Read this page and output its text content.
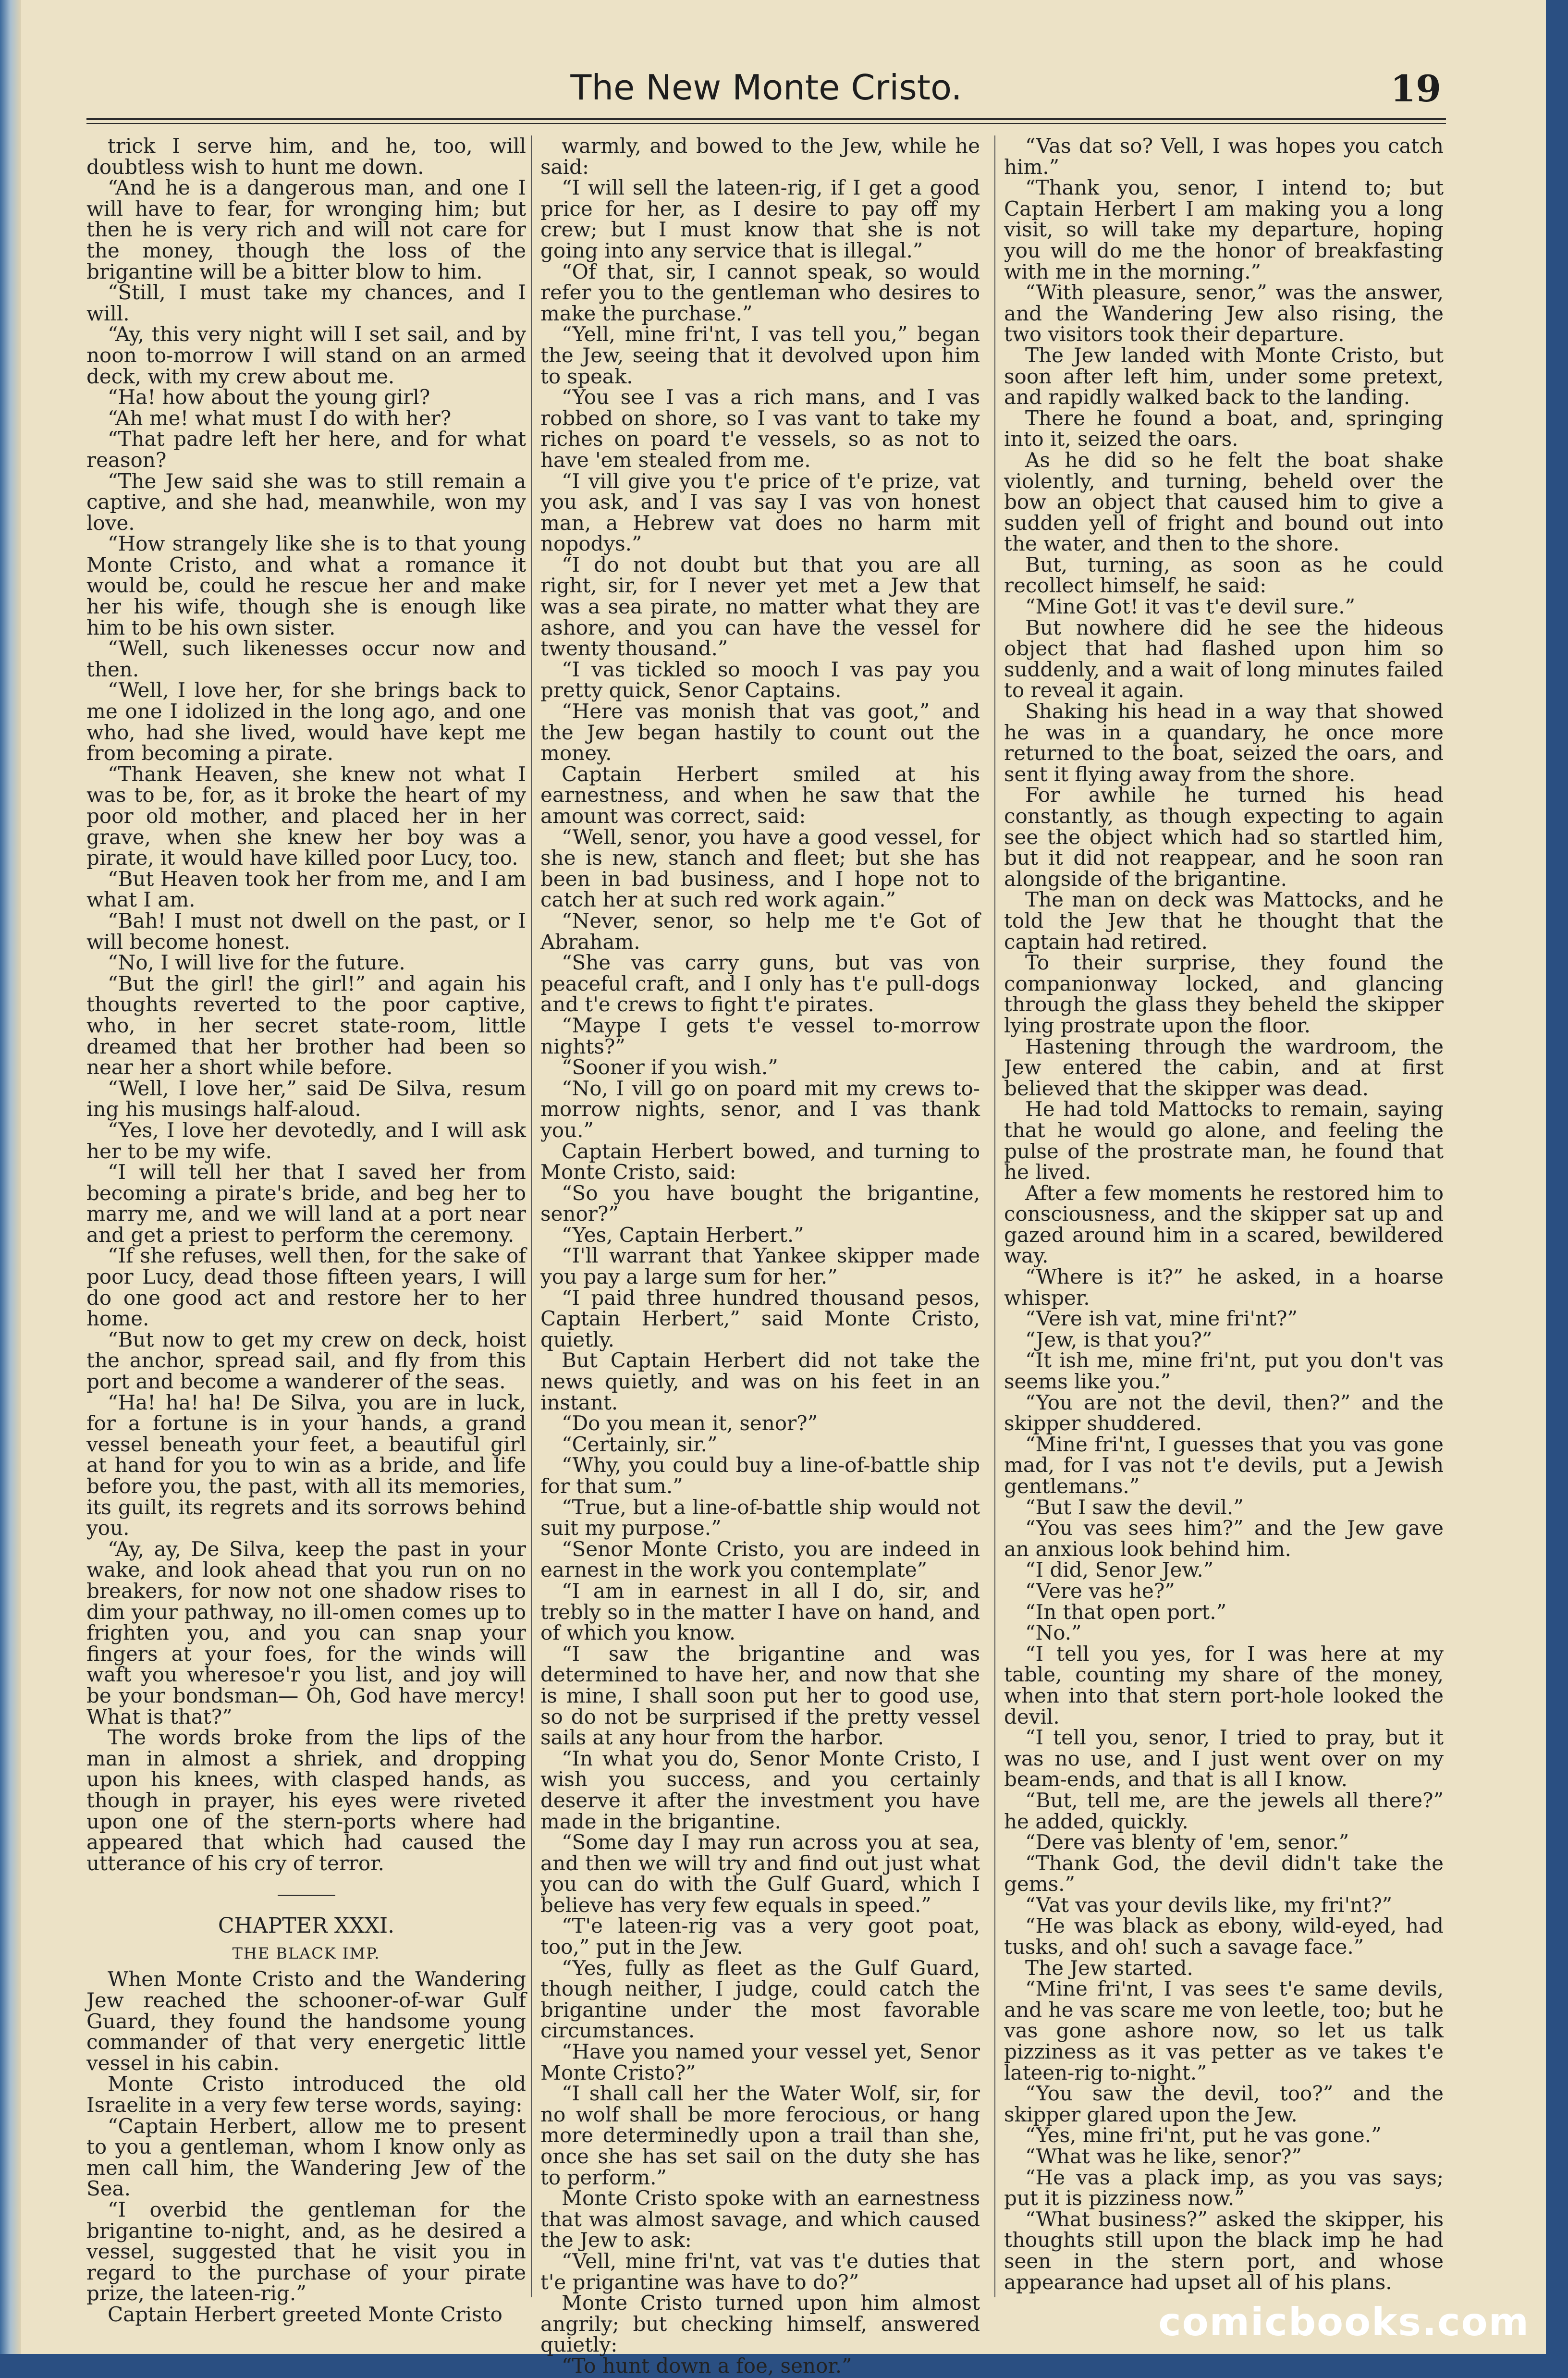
The New Monte Cristo.	19

trick I serve him, and he, too, will doubtless wish to hunt me down.

“And he is a dangerous man, and one I will have to fear, for wronging him; but then he is very rich and will not care for the money, though the loss of the brigantine will be a bitter blow to him.

“Still, I must take my chances, and I will.

“Ay, this very night will I set sail, and by noon to-morrow I will stand on an armed deck, with my crew about me.

“Ha! how about the young girl?

“Ah me! what must I do with her?

“That padre left her here, and for what reason?

“The Jew said she was to still remain a captive, and she had, meanwhile, won my love.

“How strangely like she is to that young Monte Cristo, and what a romance it would be, could he rescue her and make her his wife, though she is enough like him to be his own sister.

“Well, such likenesses occur now and then.

“Well, I love her, for she brings back to me one I idolized in the long ago, and one who, had she lived, would have kept me from becoming a pirate.

“Thank Heaven, she knew not what I was to be, for, as it broke the heart of my poor old mother, and placed her in her grave, when she knew her boy was a pirate, it would have killed poor Lucy, too.

“But Heaven took her from me, and I am what I am.

“Bah! I must not dwell on the past, or I will become honest.

“No, I will live for the future.

“But the girl! the girl!” and again his thoughts reverted to the poor captive, who, in her secret state-room, little dreamed that her brother had been so near her a short while before.

“Well, I love her,” said De Silva, resum ing his musings half-aloud.

“Yes, I love her devotedly, and I will ask her to be my wife.

“I will tell her that I saved her from becoming a pirate's bride, and beg her to marry me, and we will land at a port near and get a priest to perform the ceremony.

“If she refuses, well then, for the sake of poor Lucy, dead those fifteen years, I will do one good act and restore her to her home.

“But now to get my crew on deck, hoist the anchor, spread sail, and fly from this port and become a wanderer of the seas.

“Ha! ha! ha! De Silva, you are in luck, for a fortune is in your hands, a grand vessel beneath your feet, a beautiful girl at hand for you to win as a bride, and life before you, the past, with all its memories, its guilt, its regrets and its sorrows behind you.

“Ay, ay, De Silva, keep the past in your wake, and look ahead that you run on no breakers, for now not one shadow rises to dim your pathway, no ill-omen comes up to frighten you, and you can snap your fingers at your foes, for the winds will waft you wheresoe'r you list, and joy will be your bondsman— Oh, God have mercy! What is that?”

The words broke from the lips of the man in almost a shriek, and dropping upon his knees, with clasped hands, as though in prayer, his eyes were riveted upon one of the stern-ports where had appeared that which had caused the utterance of his cry of terror.

CHAPTER XXXI.

THE BLACK IMP.

When Monte Cristo and the Wandering Jew reached the schooner-of-war Gulf Guard, they found the handsome young commander of that very energetic little vessel in his cabin.

Monte Cristo introduced the old Israelite in a very few terse words, saying:

“Captain Herbert, allow me to present to you a gentleman, whom I know only as men call him, the Wandering Jew of the Sea.

“I overbid the gentleman for the brigantine to-night, and, as he desired a vessel, suggested that he visit you in regard to the purchase of your pirate prize, the lateen-rig.”

Captain Herbert greeted Monte Cristo

warmly, and bowed to the Jew, while he said:

“I will sell the lateen-rig, if I get a good price for her, as I desire to pay off my crew; but I must know that she is not going into any service that is illegal.”

“Of that, sir, I cannot speak, so would refer you to the gentleman who desires to make the purchase.”

“Yell, mine fri'nt, I vas tell you,” began the Jew, seeing that it devolved upon him to speak.

“You see I vas a rich mans, and I vas robbed on shore, so I vas vant to take my riches on poard t'e vessels, so as not to have 'em stealed from me.

“I vill give you t'e price of t'e prize, vat you ask, and I vas say I vas von honest man, a Hebrew vat does no harm mit nopodys.”

“I do not doubt but that you are all right, sir, for I never yet met a Jew that was a sea pirate, no matter what they are ashore, and you can have the vessel for twenty thousand.”

“I vas tickled so mooch I vas pay you pretty quick, Senor Captains.

“Here vas monish that vas goot,” and the Jew began hastily to count out the money.

Captain Herbert smiled at his earnestness, and when he saw that the amount was correct, said:

“Well, senor, you have a good vessel, for she is new, stanch and fleet; but she has been in bad business, and I hope not to catch her at such red work again.”

“Never, senor, so help me t'e Got of Abraham.

“She vas carry guns, but vas von peaceful craft, and I only has t'e pull-dogs and t'e crews to fight t'e pirates.

“Maype I gets t'e vessel to-morrow nights?”

“Sooner if you wish.”

“No, I vill go on poard mit my crews to-morrow nights, senor, and I vas thank you.”

Captain Herbert bowed, and turning to Monte Cristo, said:

“So you have bought the brigantine, senor?”

“Yes, Captain Herbert.”

“I'll warrant that Yankee skipper made you pay a large sum for her.”

“I paid three hundred thousand pesos, Captain Herbert,” said Monte Cristo, quietly.

But Captain Herbert did not take the news quietly, and was on his feet in an instant.

“Do you mean it, senor?”

“Certainly, sir.”

“Why, you could buy a line-of-battle ship for that sum.”

“True, but a line-of-battle ship would not suit my purpose.”

“Senor Monte Cristo, you are indeed in earnest in the work you contemplate”

“I am in earnest in all I do, sir, and trebly so in the matter I have on hand, and of which you know.

“I saw the brigantine and was determined to have her, and now that she is mine, I shall soon put her to good use, so do not be surprised if the pretty vessel sails at any hour from the harbor.

“In what you do, Senor Monte Cristo, I wish you success, and you certainly deserve it after the investment you have made in the brigantine.

“Some day I may run across you at sea, and then we will try and find out just what you can do with the Gulf Guard, which I believe has very few equals in speed.”

“T'e lateen-rig vas a very goot poat, too,” put in the Jew.

“Yes, fully as fleet as the Gulf Guard, though neither, I judge, could catch the brigantine under the most favorable circumstances.

“Have you named your vessel yet, Senor Monte Cristo?”

“I shall call her the Water Wolf, sir, for no wolf shall be more ferocious, or hang more determinedly upon a trail than she, once she has set sail on the duty she has to perform.”

Monte Cristo spoke with an earnestness that was almost savage, and which caused the Jew to ask:

“Vell, mine fri'nt, vat vas t'e duties that t'e prigantine was have to do?”

Monte Cristo turned upon him almost angrily; but checking himself, answered quietly:

“To hunt down a foe, senor.”

“Vas dat so? Vell, I was hopes you catch him.”

“Thank you, senor, I intend to; but Captain Herbert I am making you a long visit, so will take my departure, hoping you will do me the honor of breakfasting with me in the morning.”

“With pleasure, senor,” was the answer, and the Wandering Jew also rising, the two visitors took their departure.

The Jew landed with Monte Cristo, but soon after left him, under some pretext, and rapidly walked back to the landing.

There he found a boat, and, springing into it, seized the oars.

As he did so he felt the boat shake violently, and turning, beheld over the bow an object that caused him to give a sudden yell of fright and bound out into the water, and then to the shore.

But, turning, as soon as he could recollect himself, he said:

“Mine Got! it vas t'e devil sure.”

But nowhere did he see the hideous object that had flashed upon him so suddenly, and a wait of long minutes failed to reveal it again.

Shaking his head in a way that showed he was in a quandary, he once more returned to the boat, seized the oars, and sent it flying away from the shore.

For awhile he turned his head constantly, as though expecting to again see the object which had so startled him, but it did not reappear, and he soon ran alongside of the brigantine.

The man on deck was Mattocks, and he told the Jew that he thought that the captain had retired.

To their surprise, they found the companionway locked, and glancing through the glass they beheld the skipper lying prostrate upon the floor.

Hastening through the wardroom, the Jew entered the cabin, and at first believed that the skipper was dead.

He had told Mattocks to remain, saying that he would go alone, and feeling the pulse of the prostrate man, he found that he lived.

After a few moments he restored him to consciousness, and the skipper sat up and gazed around him in a scared, bewildered way.

“Where is it?” he asked, in a hoarse whisper.

“Vere ish vat, mine fri'nt?”

“Jew, is that you?”

“It ish me, mine fri'nt, put you don't vas seems like you.”

“You are not the devil, then?” and the skipper shuddered.

“Mine fri'nt, I guesses that you vas gone mad, for I vas not t'e devils, put a Jewish gentlemans.”

“But I saw the devil.”

“You vas sees him?” and the Jew gave an anxious look behind him.

“I did, Senor Jew.”

“Vere vas he?”

“In that open port.”

“No.”

“I tell you yes, for I was here at my table, counting my share of the money, when into that stern port-hole looked the devil.

“I tell you, senor, I tried to pray, but it was no use, and I just went over on my beam-ends, and that is all I know.

“But, tell me, are the jewels all there?” he added, quickly.

“Dere vas blenty of 'em, senor.”

“Thank God, the devil didn't take the gems.”

“Vat vas your devils like, my fri'nt?”

“He was black as ebony, wild-eyed, had tusks, and oh! such a savage face.”

The Jew started.

“Mine fri'nt, I vas sees t'e same devils, and he vas scare me von leetle, too; but he vas gone ashore now, so let us talk pizziness as it vas petter as ve takes t'e lateen-rig to-night.”

“You saw the devil, too?” and the skipper glared upon the Jew.

“Yes, mine fri'nt, put he vas gone.”

“What was he like, senor?”

“He vas a plack imp, as you vas says; put it is pizziness now.”

“What business?” asked the skipper, his thoughts still upon the black imp he had seen in the stern port, and whose appearance had upset all of his plans.

comicbooks.com
